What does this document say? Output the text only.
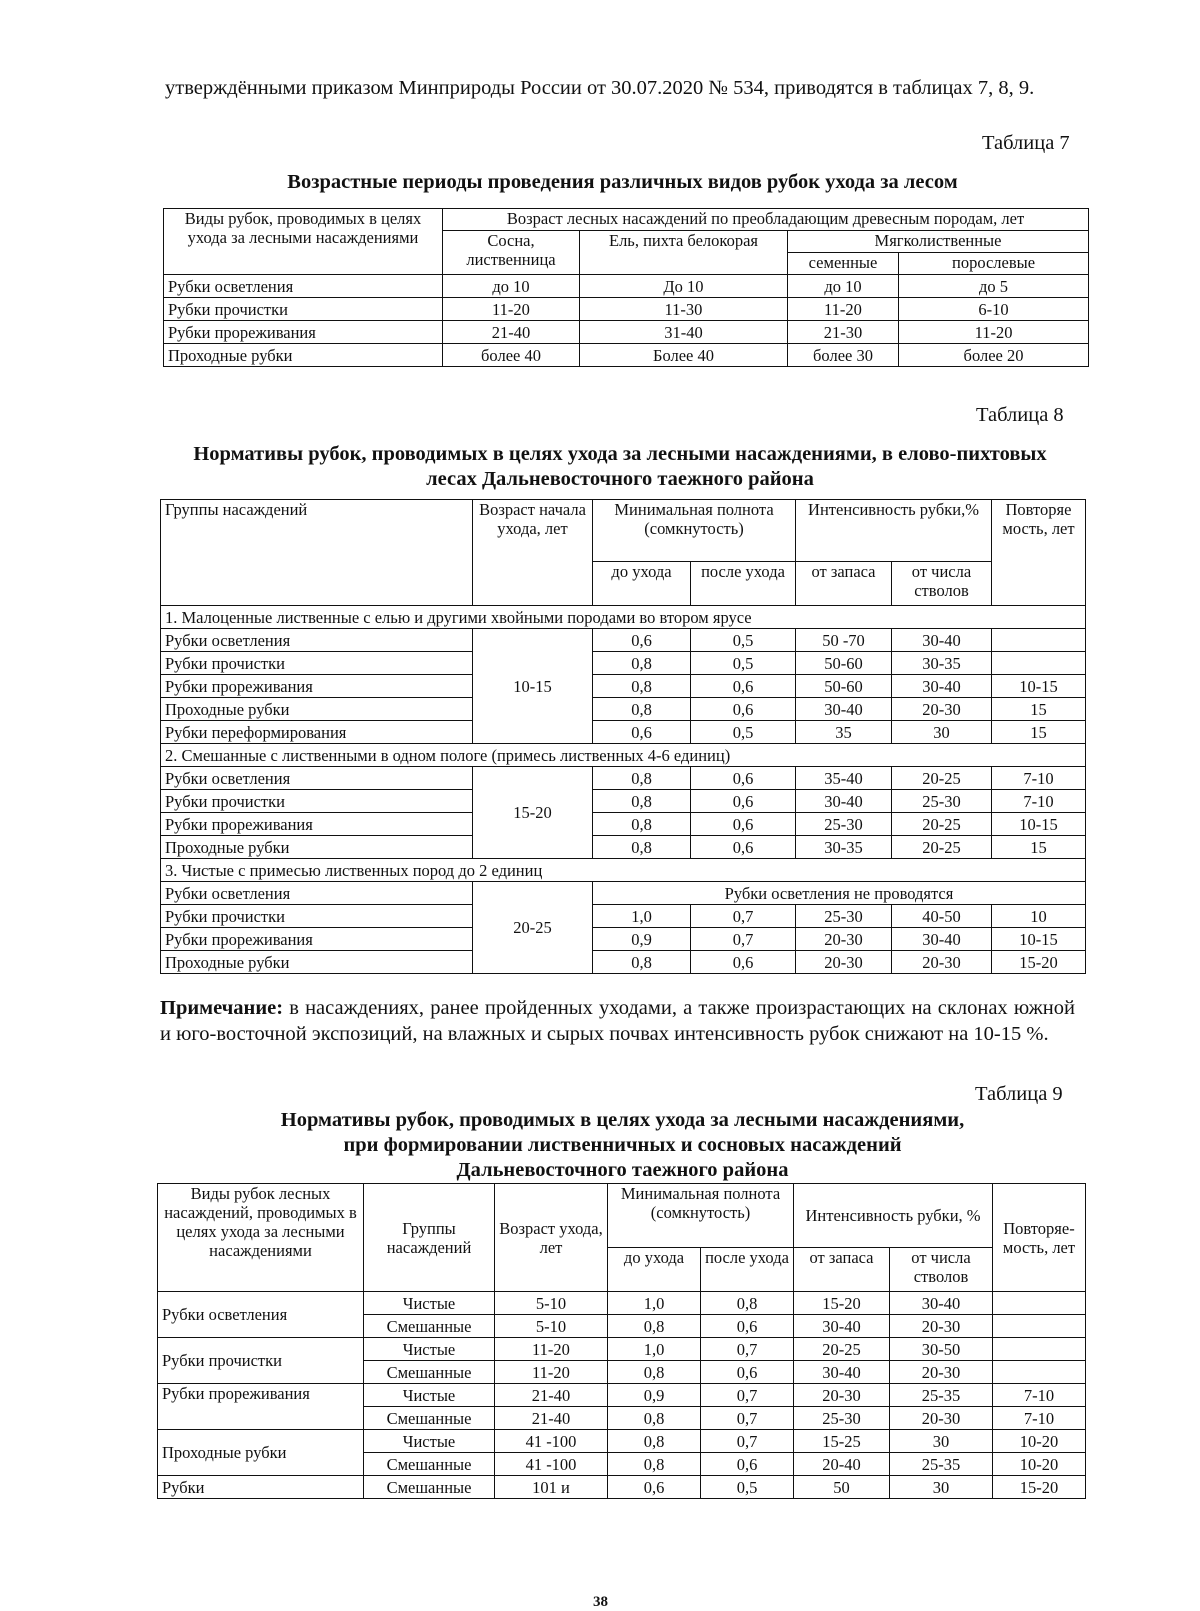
утверждёнными приказом Минприроды России от 30.07.2020 № 534, приводятся в таблицах 7, 8, 9.

Таблица 7

Возрастные периоды проведения различных видов рубок ухода за лесом

Виды рубок, проводимых в целях ухода за лесными насаждениями	Возраст лесных насаждений по преобладающим древесным породам, лет			
	Сосна, лиственница	Ель, пихта белокорая	Мягколиственные	
			семенные	порослевые
Рубки осветления	до 10	До 10	до 10	до 5
Рубки прочистки	11-20	11-30	11-20	6-10
Рубки прореживания	21-40	31-40	21-30	11-20
Проходные рубки	более 40	Более 40	более 30	более 20

Таблица 8

Нормативы рубок, проводимых в целях ухода за лесными насаждениями, в елово-пихтовых лесах Дальневосточного таежного района

Группы насаждений	Возраст начала ухода, лет	Минимальная полнота (сомкнутость)		Интенсивность рубки,%		Повторяе мость, лет
		до ухода	после ухода	от запаса	от числа стволов	
1. Малоценные лиственные с елью и другими хвойными породами во втором ярусе						
Рубки осветления	10-15	0,6	0,5	50 -70	30-40	
Рубки прочистки		0,8	0,5	50-60	30-35	
Рубки прореживания		0,8	0,6	50-60	30-40	10-15
Проходные рубки		0,8	0,6	30-40	20-30	15
Рубки переформирования		0,6	0,5	35	30	15
2. Смешанные с лиственными в одном пологе (примесь лиственных 4-6 единиц)						
Рубки осветления	15-20	0,8	0,6	35-40	20-25	7-10
Рубки прочистки		0,8	0,6	30-40	25-30	7-10
Рубки прореживания		0,8	0,6	25-30	20-25	10-15
Проходные рубки		0,8	0,6	30-35	20-25	15
3. Чистые с примесью лиственных пород до 2 единиц						
Рубки осветления	20-25	Рубки осветления не проводятся				
Рубки прочистки		1,0	0,7	25-30	40-50	10
Рубки прореживания		0,9	0,7	20-30	30-40	10-15
Проходные рубки		0,8	0,6	20-30	20-30	15-20

Примечание: в насаждениях, ранее пройденных уходами, а также произрастающих на склонах южной и юго-восточной экспозиций, на влажных и сырых почвах интенсивность рубок снижают на 10-15 %.

Таблица 9

Нормативы рубок, проводимых в целях ухода за лесными насаждениями,

при формировании лиственничных и сосновых насаждений

Дальневосточного таежного района

Виды рубок лесных насаждений, проводимых в целях ухода за лесными насаждениями	Группы насаждений	Возраст ухода, лет	Минимальная полнота (сомкнутость)		Интенсивность рубки, %		Повторяе-мость, лет
			до ухода	после ухода	от запаса	от числа стволов	
Рубки осветления	Чистые	5-10	1,0	0,8	15-20	30-40	
	Смешанные	5-10	0,8	0,6	30-40	20-30	
Рубки прочистки	Чистые	11-20	1,0	0,7	20-25	30-50	
	Смешанные	11-20	0,8	0,6	30-40	20-30	
Рубки прореживания	Чистые	21-40	0,9	0,7	20-30	25-35	7-10
	Смешанные	21-40	0,8	0,7	25-30	20-30	7-10
Проходные рубки	Чистые	41 -100	0,8	0,7	15-25	30	10-20
	Смешанные	41 -100	0,8	0,6	20-40	25-35	10-20
Рубки	Смешанные	101 и	0,6	0,5	50	30	15-20
38
